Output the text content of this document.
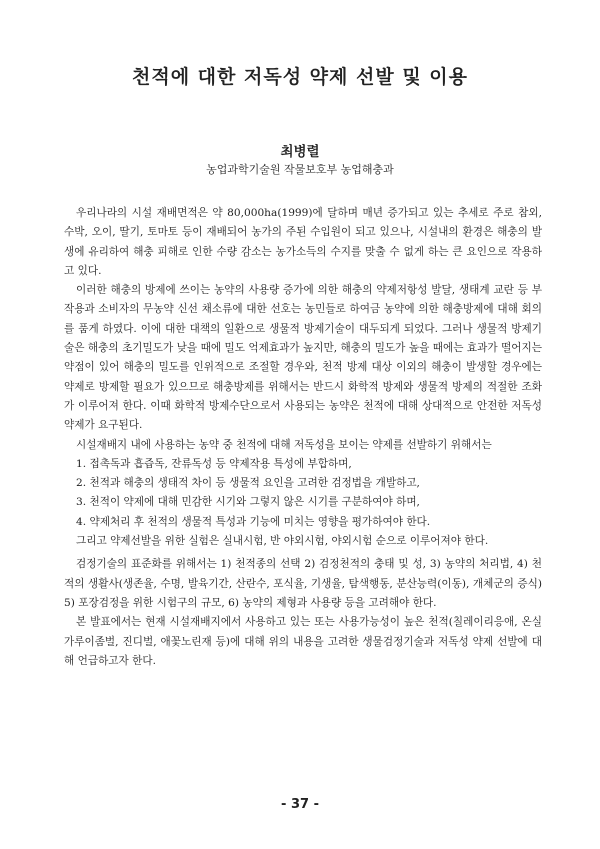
천적에 대한 저독성 약제 선발 및 이용
최병렬
농업과학기술원 작물보호부 농업해충과

우리나라의 시설 재배면적은 약 80,000ha(1999)에 달하며 매년 증가되고 있는 추세로 주로 참외, 수박, 오이, 딸기, 토마토 등이 재배되어 농가의 주된 수입원이 되고 있으나, 시설내의 환경은 해충의 발생에 유리하여 해충 피해로 인한 수량 감소는 농가소득의 수지를 맞출 수 없게 하는 큰 요인으로 작용하고 있다.

이러한 해충의 방제에 쓰이는 농약의 사용량 증가에 의한 해충의 약제저항성 발달, 생태계 교란 등 부작용과 소비자의 무농약 신선 채소류에 대한 선호는 농민들로 하여금 농약에 의한 해충방제에 대해 회의를 품게 하였다. 이에 대한 대책의 일환으로 생물적 방제기술이 대두되게 되었다. 그러나 생물적 방제기술은 해충의 초기밀도가 낮을 때에 밀도 억제효과가 높지만, 해충의 밀도가 높을 때에는 효과가 떨어지는 약점이 있어 해충의 밀도를 인위적으로 조절할 경우와, 천적 방제 대상 이외의 해충이 발생할 경우에는 약제로 방제할 필요가 있으므로 해충방제를 위해서는 반드시 화학적 방제와 생물적 방제의 적절한 조화가 이루어져 한다. 이때 화학적 방제수단으로서 사용되는 농약은 천적에 대해 상대적으로 안전한 저독성약제가 요구된다.

시설재배지 내에 사용하는 농약 중 천적에 대해 저독성을 보이는 약제를 선발하기 위해서는

1. 접촉독과 흡즙독, 잔류독성 등 약제작용 특성에 부합하며,

2. 천적과 해충의 생태적 차이 등 생물적 요인을 고려한 검정법을 개발하고,

3. 천적이 약제에 대해 민감한 시기와 그렇지 않은 시기를 구분하여야 하며,

4. 약제처리 후 천적의 생물적 특성과 기능에 미치는 영향을 평가하여야 한다.

그리고 약제선발을 위한 실험은 실내시험, 반 야외시험, 야외시험 순으로 이루어져야 한다.

검정기술의 표준화를 위해서는 1) 천적종의 선택 2) 검정천적의 충태 및 성, 3) 농약의 처리법, 4) 천적의 생활사(생존율, 수명, 발육기간, 산란수, 포식율, 기생율, 탐색행동, 분산능력(이동), 개체군의 증식) 5) 포장검정을 위한 시험구의 규모, 6) 농약의 제형과 사용량 등을 고려해야 한다.

본 발표에서는 현재 시설재배지에서 사용하고 있는 또는 사용가능성이 높은 천적(칠레이리응애, 온실가루이좀벌, 진디벌, 애꽃노린재 등)에 대해 위의 내용을 고려한 생물검정기술과 저독성 약제 선발에 대해 언급하고자 한다.

- 37 -
